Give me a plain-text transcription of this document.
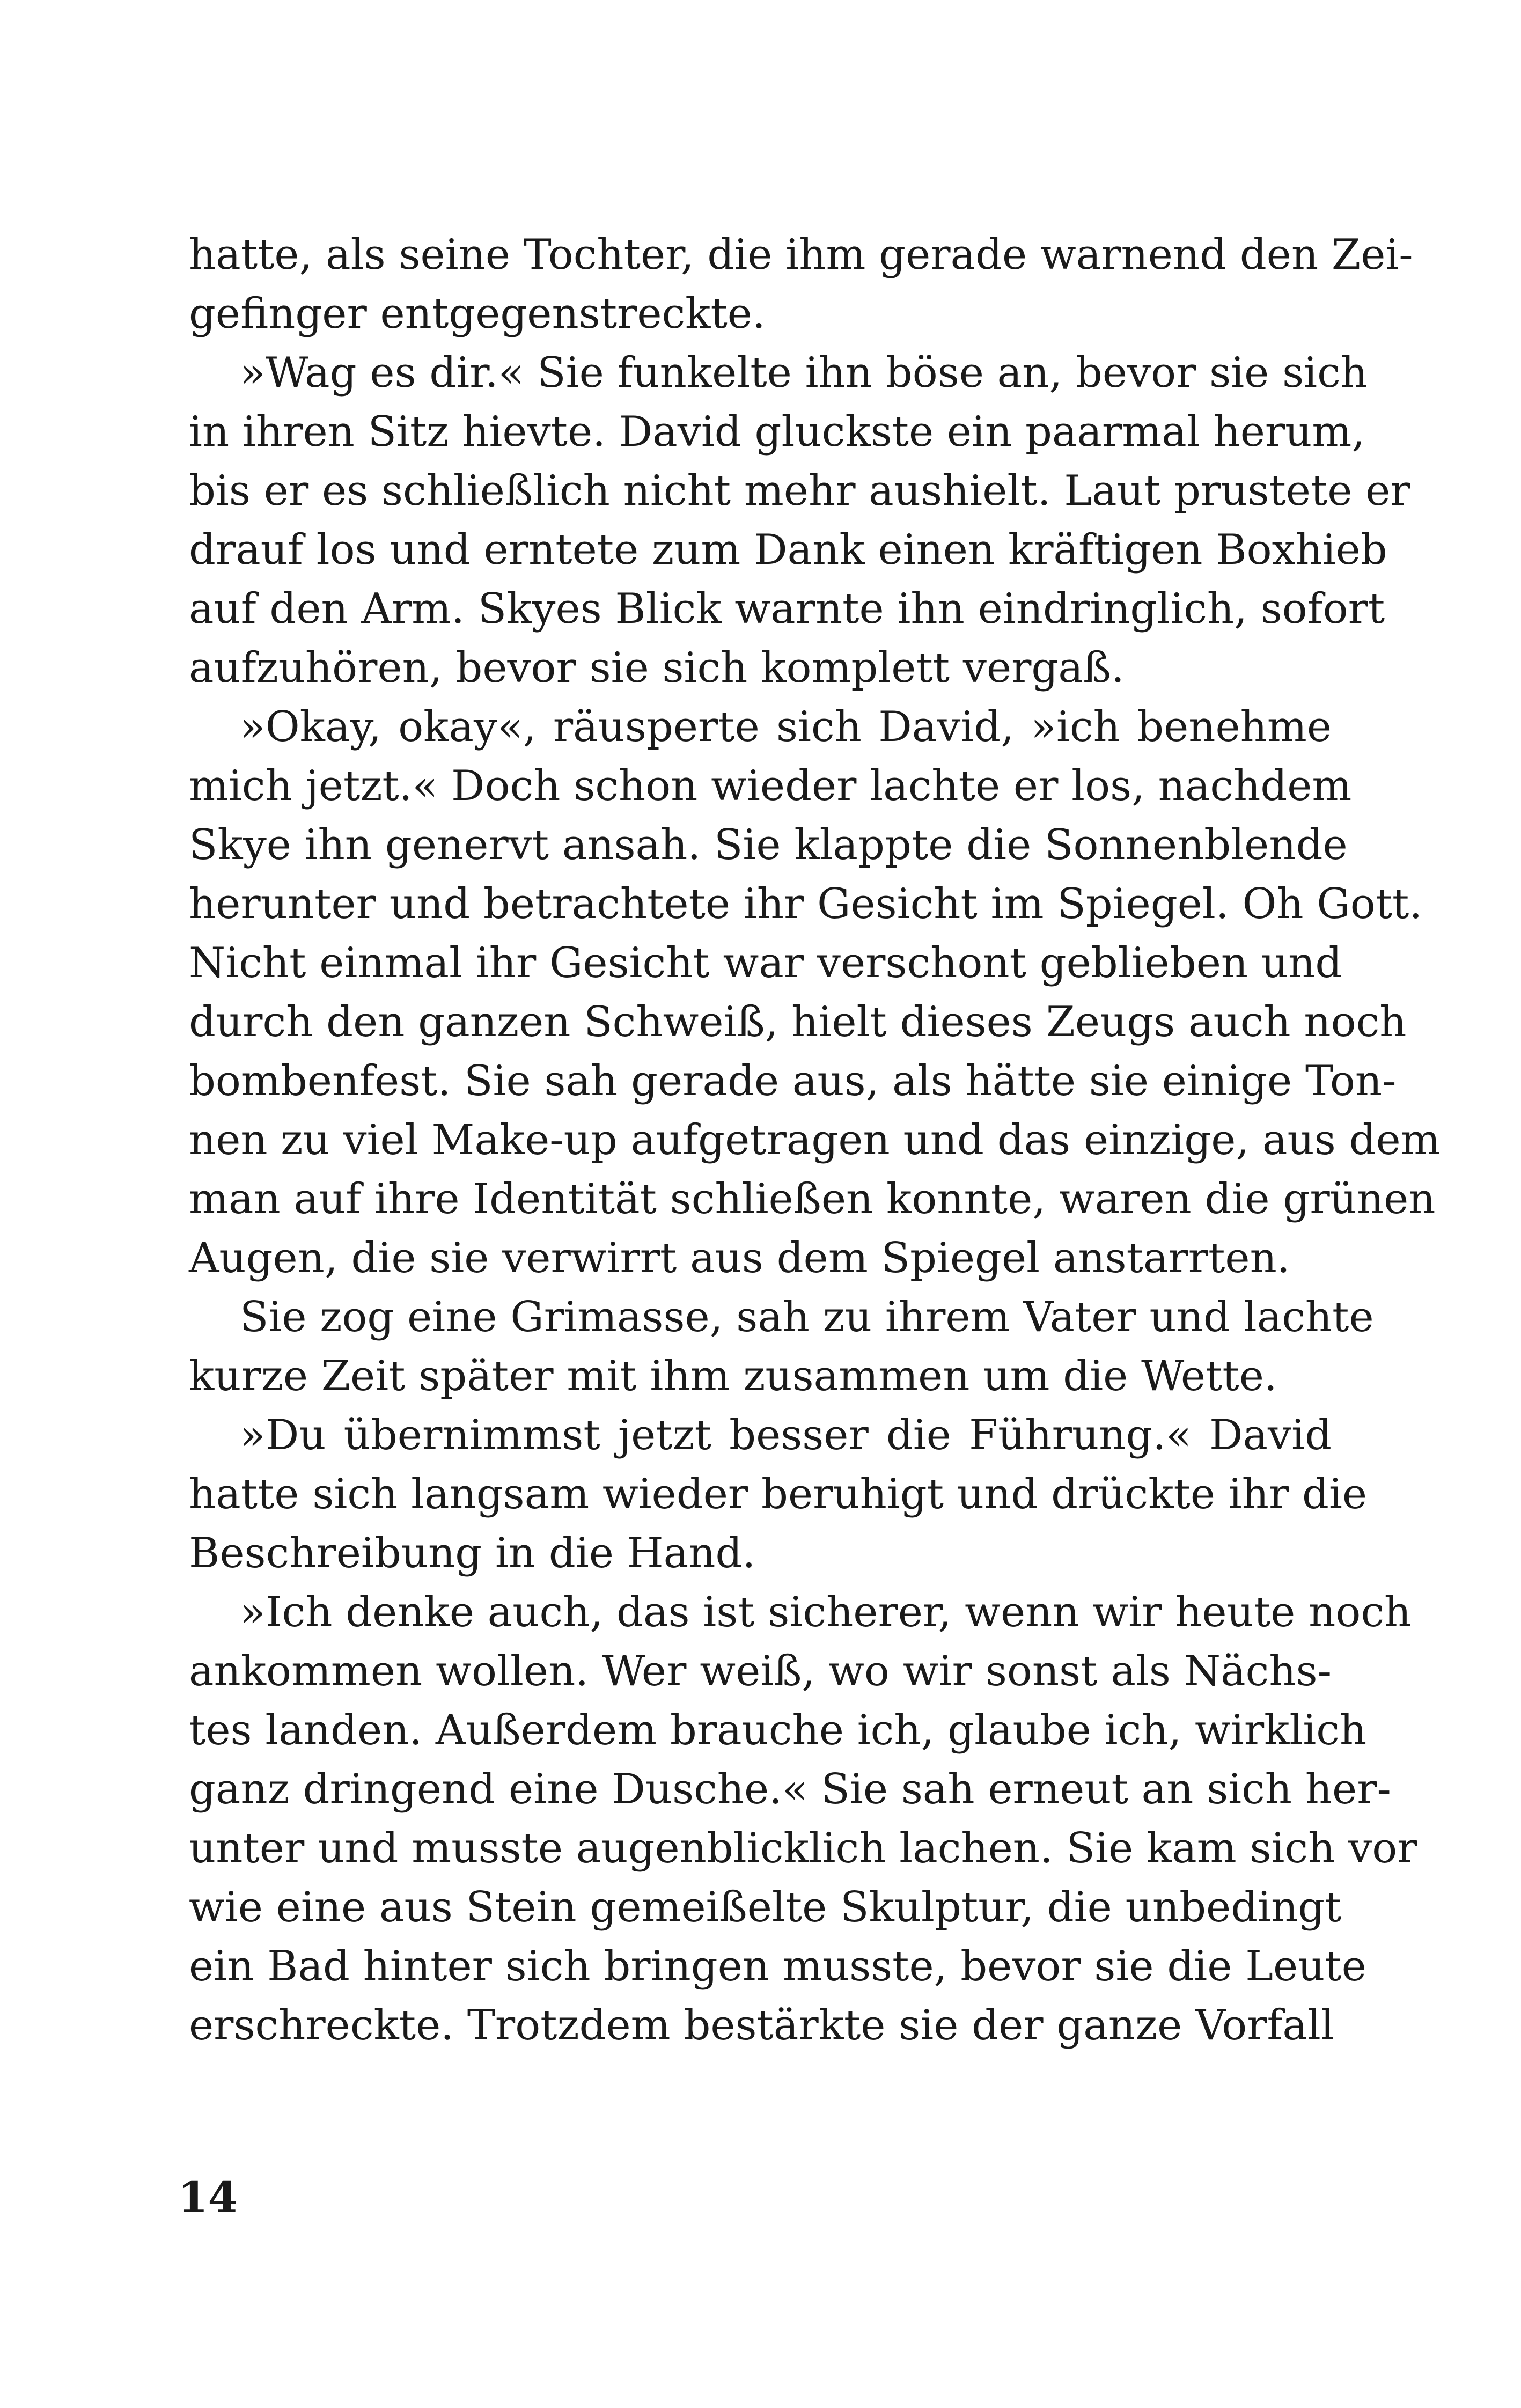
hatte, als seine Tochter, die ihm gerade warnend den Zei-
gefinger entgegenstreckte.
»Wag es dir.« Sie funkelte ihn böse an, bevor sie sich
in ihren Sitz hievte. David gluckste ein paarmal herum,
bis er es schließlich nicht mehr aushielt. Laut prustete er
drauf los und erntete zum Dank einen kräftigen Boxhieb
auf den Arm. Skyes Blick warnte ihn eindringlich, sofort
aufzuhören, bevor sie sich komplett vergaß.
»Okay, okay«, räusperte sich David, »ich benehme
mich jetzt.« Doch schon wieder lachte er los, nachdem
Skye ihn genervt ansah. Sie klappte die Sonnenblende
herunter und betrachtete ihr Gesicht im Spiegel. Oh Gott.
Nicht einmal ihr Gesicht war verschont geblieben und
durch den ganzen Schweiß, hielt dieses Zeugs auch noch
bombenfest. Sie sah gerade aus, als hätte sie einige Ton-
nen zu viel Make-up aufgetragen und das einzige, aus dem
man auf ihre Identität schließen konnte, waren die grünen
Augen, die sie verwirrt aus dem Spiegel anstarrten.
Sie zog eine Grimasse, sah zu ihrem Vater und lachte
kurze Zeit später mit ihm zusammen um die Wette.
»Du übernimmst jetzt besser die Führung.« David
hatte sich langsam wieder beruhigt und drückte ihr die
Beschreibung in die Hand.
»Ich denke auch, das ist sicherer, wenn wir heute noch
ankommen wollen. Wer weiß, wo wir sonst als Nächs-
tes landen. Außerdem brauche ich, glaube ich, wirklich
ganz dringend eine Dusche.« Sie sah erneut an sich her-
unter und musste augenblicklich lachen. Sie kam sich vor
wie eine aus Stein gemeißelte Skulptur, die unbedingt
ein Bad hinter sich bringen musste, bevor sie die Leute
erschreckte. Trotzdem bestärkte sie der ganze Vorfall
14
